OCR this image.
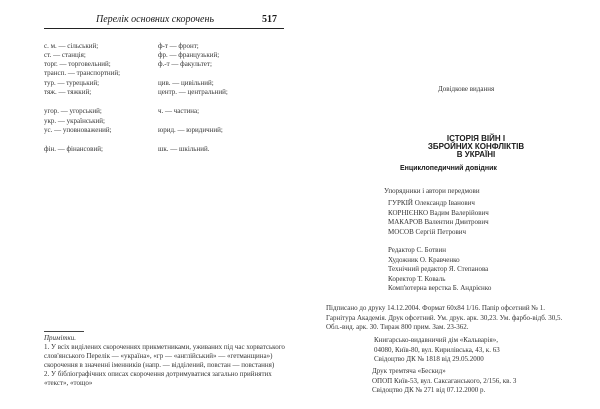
Перелік основних скорочень	517
с. м. — сільський;
ст. — станція;
торг. — торговельний;
трансп. — транспортний;
тур. — турецький;
тяж. — тяжкий;
угор. — угорський;
укр. — український;
ус. — уповноважений;
фін. — фінансовий;
ф-т — фронт;
фр. — французький;
ф.-т — факультет;
цив. — цивільний;
центр. — центральний;
ч. — частина;
юрид. — юридичний;
шк. — шкільний.
Примітки.
1. У всіх виділених скороченнях прикметниками, уживаних під час хорватського
слов'янського Перелік — «україна», «гр — «англійський» — «гетманщина»)
скорочення в значенні іменників (напр. — відділений, повстан — повстання)
2. У бібліографічних описах скорочення дотримуватися загально прийнятих
«текст», «тощо»
Довідкове видання
ІСТОРІЯ ВІЙН І ЗБРОЙНИХ КОНФЛІКТІВ В УКРАЇНІ
Енциклопедичний довідник
Упорядники і автори передмови
ГУРКІЙ Олександр Іванович
КОРНІЄНКО Вадим Валерійович
МАКАРОВ Валентин Дмитрович
МОСОВ Сергій Петрович
Редактор С. Ботвин
Художник О. Кравченко
Технічний редактор Я. Степанова
Коректор Т. Коваль
Комп'ютерна верстка Б. Андрієнко
Підписано до друку 14.12.2004. Формат 60х84 1/16. Папір офсетний № 1.
Гарнітура Академія. Друк офсетний. Ум. друк. арк. 30,23. Ум. фарбо-відб. 30,5.
Обл.-вид. арк. 30. Тираж 800 прим. Зам. 23-362.
Книгарсько-видавничий дім «Кальварія»,
04080, Київ-80, вул. Кирилівська, 43, к. 63
Свідоцтво ДК № 1818 від 29.05.2000
Друк тремтяча «Бескид»
ОПОП Київ-53, вул. Саксаганського, 2/156, кв. 3
Свідоцтво ДК № 271 від 07.12.2000 р.
